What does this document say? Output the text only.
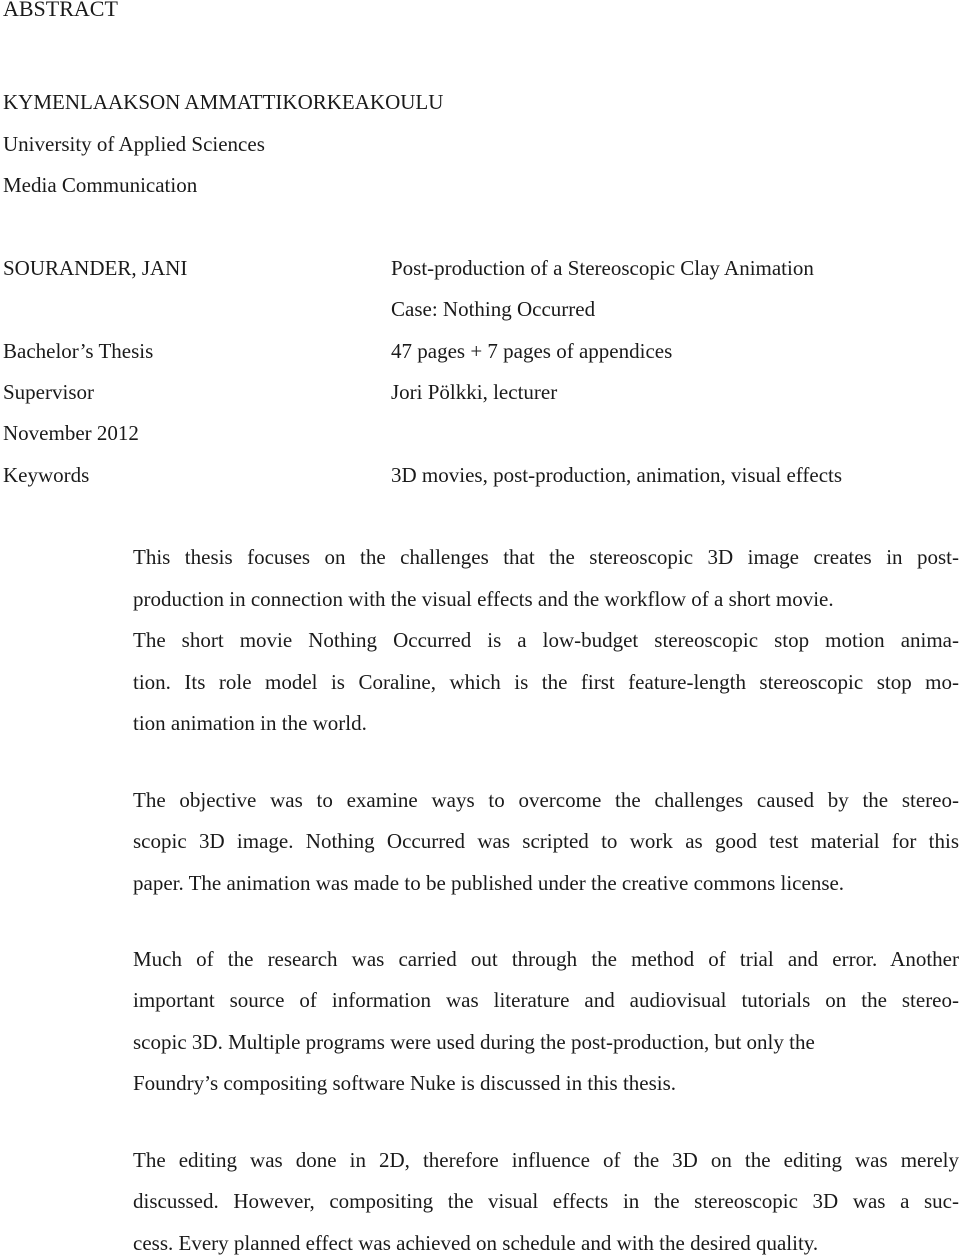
ABSTRACT
KYMENLAAKSON AMMATTIKORKEAKOULU
University of Applied Sciences
Media Communication
SOURANDER, JANI	Post-production of a Stereoscopic Clay Animation
Case: Nothing Occurred
Bachelor’s Thesis	47 pages + 7 pages of appendices
Supervisor	Jori Pölkki, lecturer
November 2012
Keywords	3D movies, post-production, animation, visual effects
This thesis focuses on the challenges that the stereoscopic 3D image creates in post-
production in connection with the visual effects and the workflow of a short movie.
The short movie Nothing Occurred is a low-budget stereoscopic stop motion anima-
tion. Its role model is Coraline, which is the first feature-length stereoscopic stop mo-
tion animation in the world.
The objective was to examine ways to overcome the challenges caused by the stereo-
scopic 3D image. Nothing Occurred was scripted to work as good test material for this
paper. The animation was made to be published under the creative commons license.
Much of the research was carried out through the method of trial and error. Another
important source of information was literature and audiovisual tutorials on the stereo-
scopic 3D. Multiple programs were used during the post-production, but only the
Foundry’s compositing software Nuke is discussed in this thesis.
The editing was done in 2D, therefore influence of the 3D on the editing was merely
discussed. However, compositing the visual effects in the stereoscopic 3D was a suc-
cess. Every planned effect was achieved on schedule and with the desired quality.
